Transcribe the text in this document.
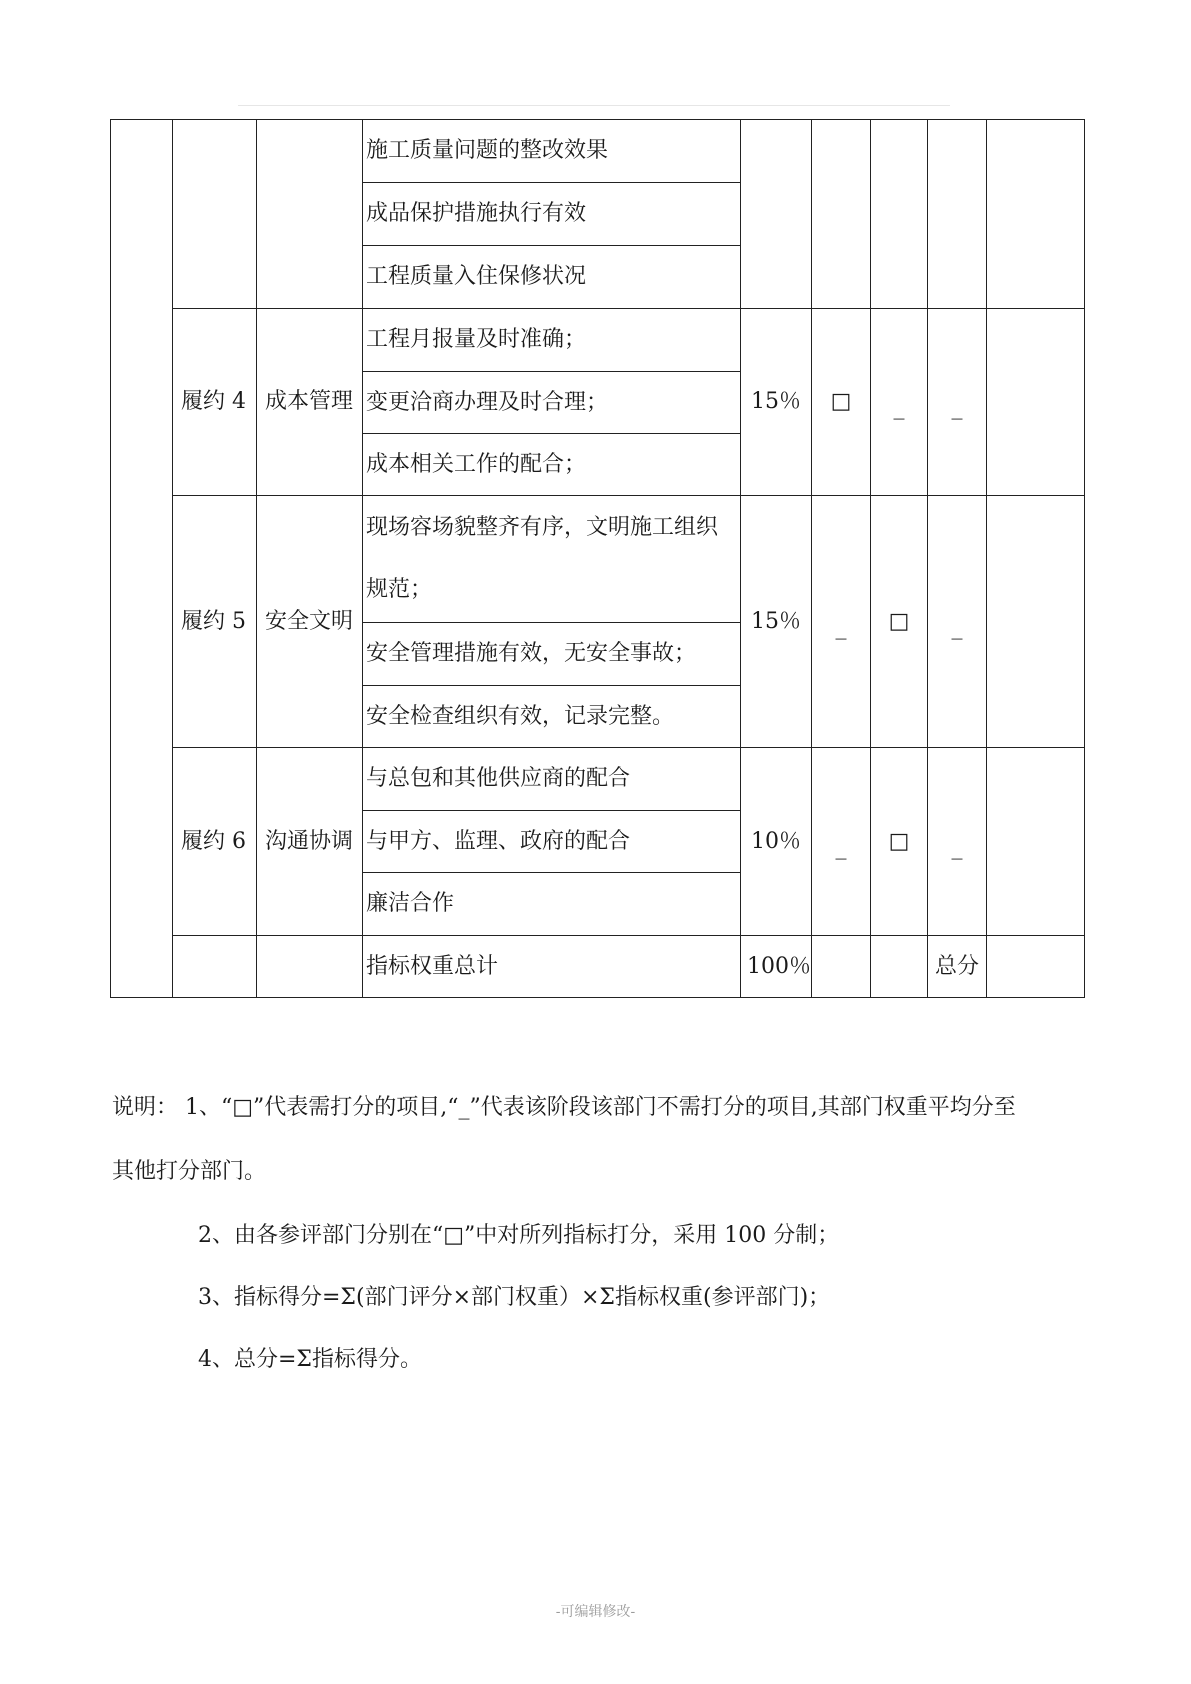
			施工质量问题的整改效果					
			成品保护措施执行有效					
			工程质量入住保修状况					
	履约 4	成本管理	工程月报量及时准确；	15％	□	_	_	
			变更洽商办理及时合理；					
			成本相关工作的配合；					
	履约 5	安全文明	现场容场貌整齐有序，文明施工组织规范；	15％	_	□	_	
			安全管理措施有效，无安全事故；					
			安全检查组织有效，记录完整。					
	履约 6	沟通协调	与总包和其他供应商的配合	10％	_	□	_	
			与甲方、监理、政府的配合					
			廉洁合作					
			指标权重总计	100％			总分	
说明： 1、“□”代表需打分的项目,“_”代表该阶段该部门不需打分的项目,其部门权重平均分至
其他打分部门。
2、由各参评部门分别在“□”中对所列指标打分，采用 100 分制；
3、指标得分=Σ(部门评分×部门权重）×Σ指标权重(参评部门)；
4、总分=Σ指标得分。
-可编辑修改-
